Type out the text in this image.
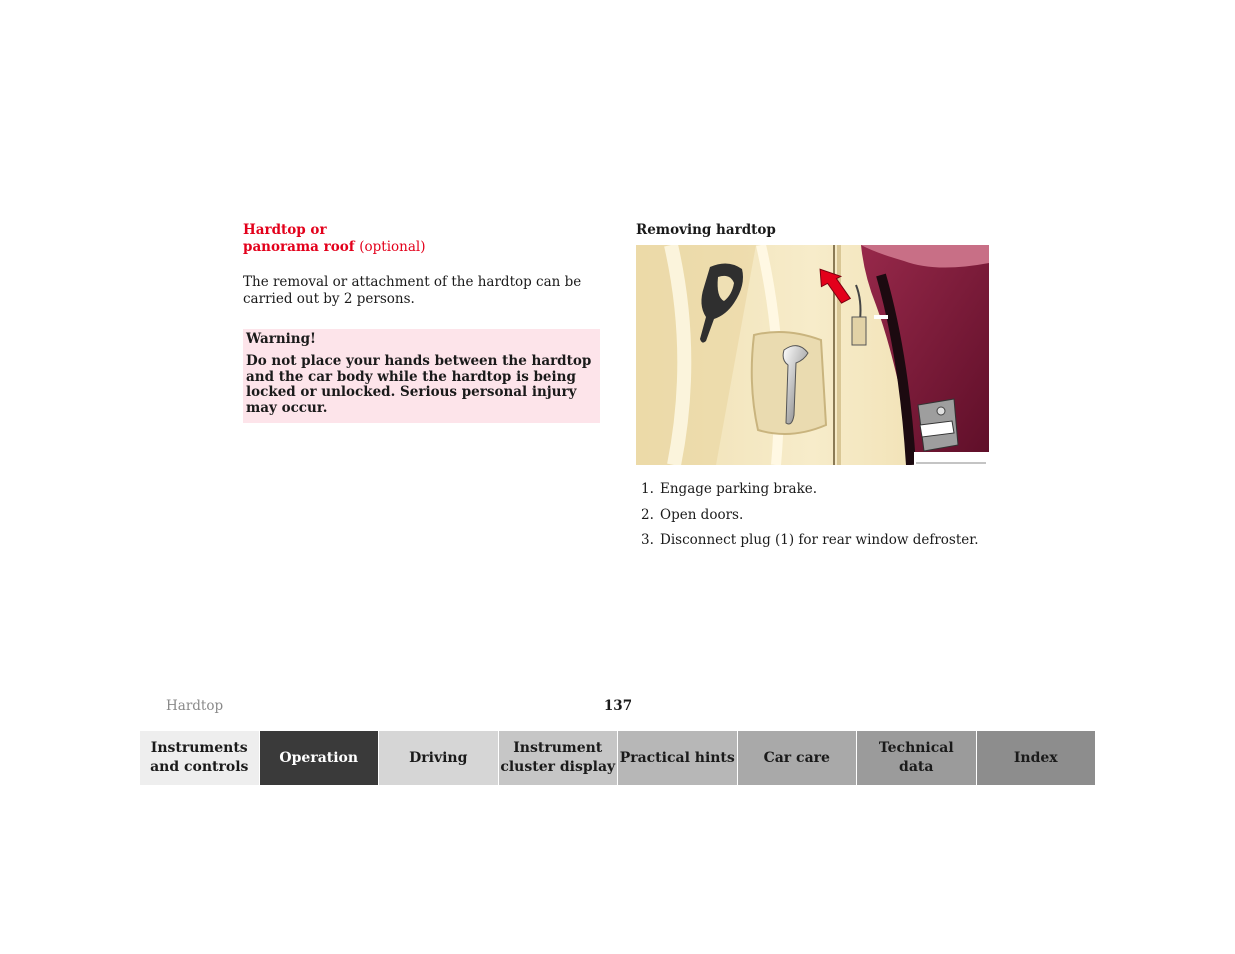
Hardtop or
panorama roof (optional)

The removal or attachment of the hardtop can be carried out by 2 persons.

Warning!

Do not place your hands between the hardtop and the car body while the hardtop is being locked or unlocked. Serious personal injury may occur.

Removing hardtop

1. Engage parking brake.
2. Open doors.
3. Disconnect plug (1) for rear window defroster.
Hardtop	137
Instruments
and controls
Operation	Driving
Instrument
cluster display
Practical hints Car care
Technical
data
Index
